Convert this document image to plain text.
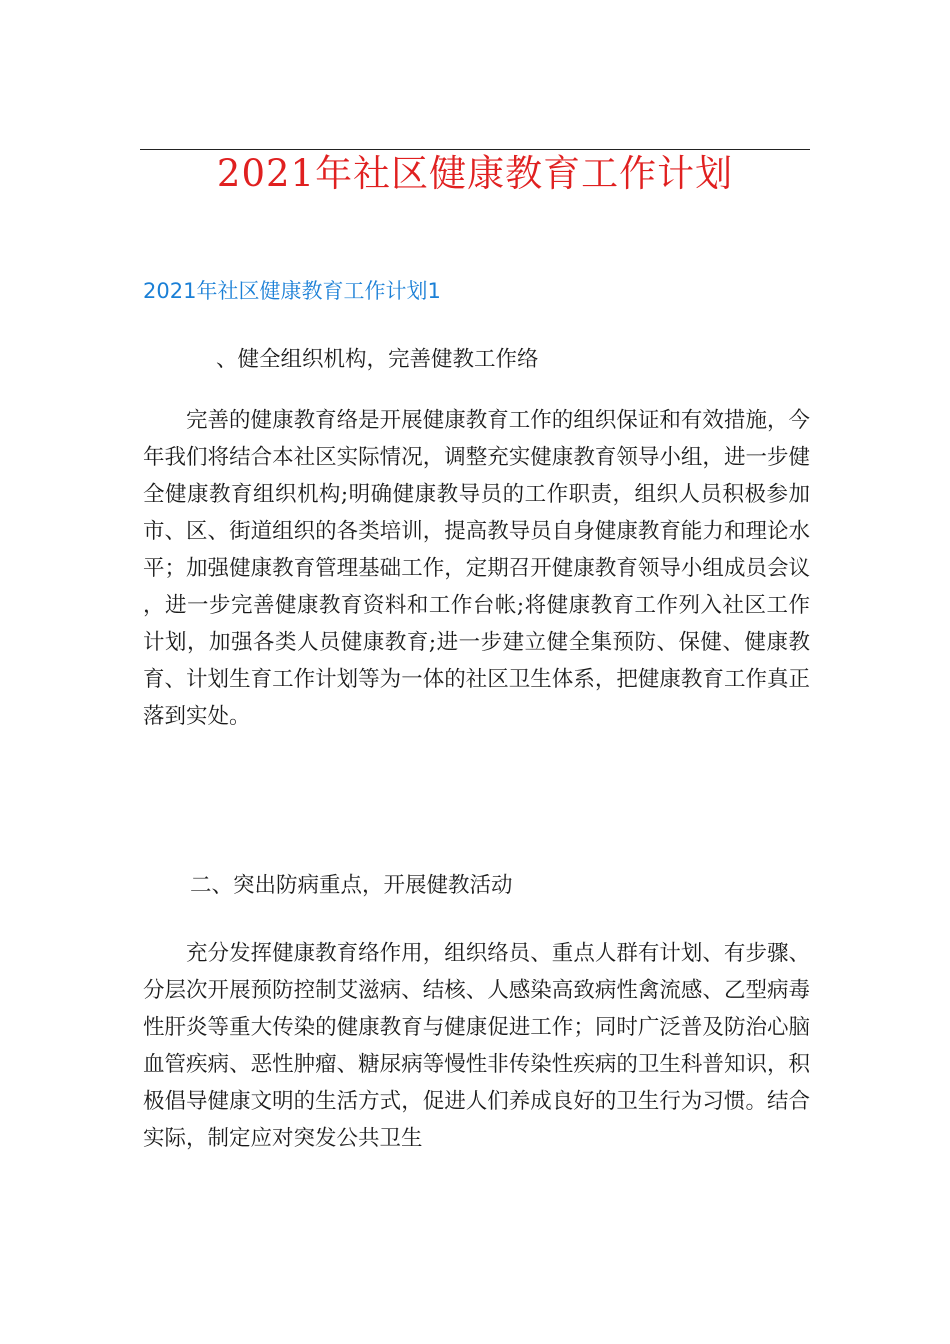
2021年社区健康教育工作计划
2021年社区健康教育工作计划1
、健全组织机构，完善健教工作络

完善的健康教育络是开展健康教育工作的组织保证和有效措施，今年我们将结合本社区实际情况，调整充实健康教育领导小组，进一步健全健康教育组织机构;明确健康教导员的工作职责，组织人员积极参加市、区、街道组织的各类培训，提高教导员自身健康教育能力和理论水平；加强健康教育管理基础工作，定期召开健康教育领导小组成员会议，进一步完善健康教育资料和工作台帐;将健康教育工作列入社区工作计划，加强各类人员健康教育;进一步建立健全集预防、保健、健康教育、计划生育工作计划等为一体的社区卫生体系，把健康教育工作真正落到实处。

二、突出防病重点，开展健教活动

充分发挥健康教育络作用，组织络员、重点人群有计划、有步骤、分层次开展预防控制艾滋病、结核、人感染高致病性禽流感、乙型病毒性肝炎等重大传染的健康教育与健康促进工作；同时广泛普及防治心脑血管疾病、恶性肿瘤、糖尿病等慢性非传染性疾病的卫生科普知识，积极倡导健康文明的生活方式，促进人们养成良好的卫生行为习惯。结合实际，制定应对突发公共卫生
